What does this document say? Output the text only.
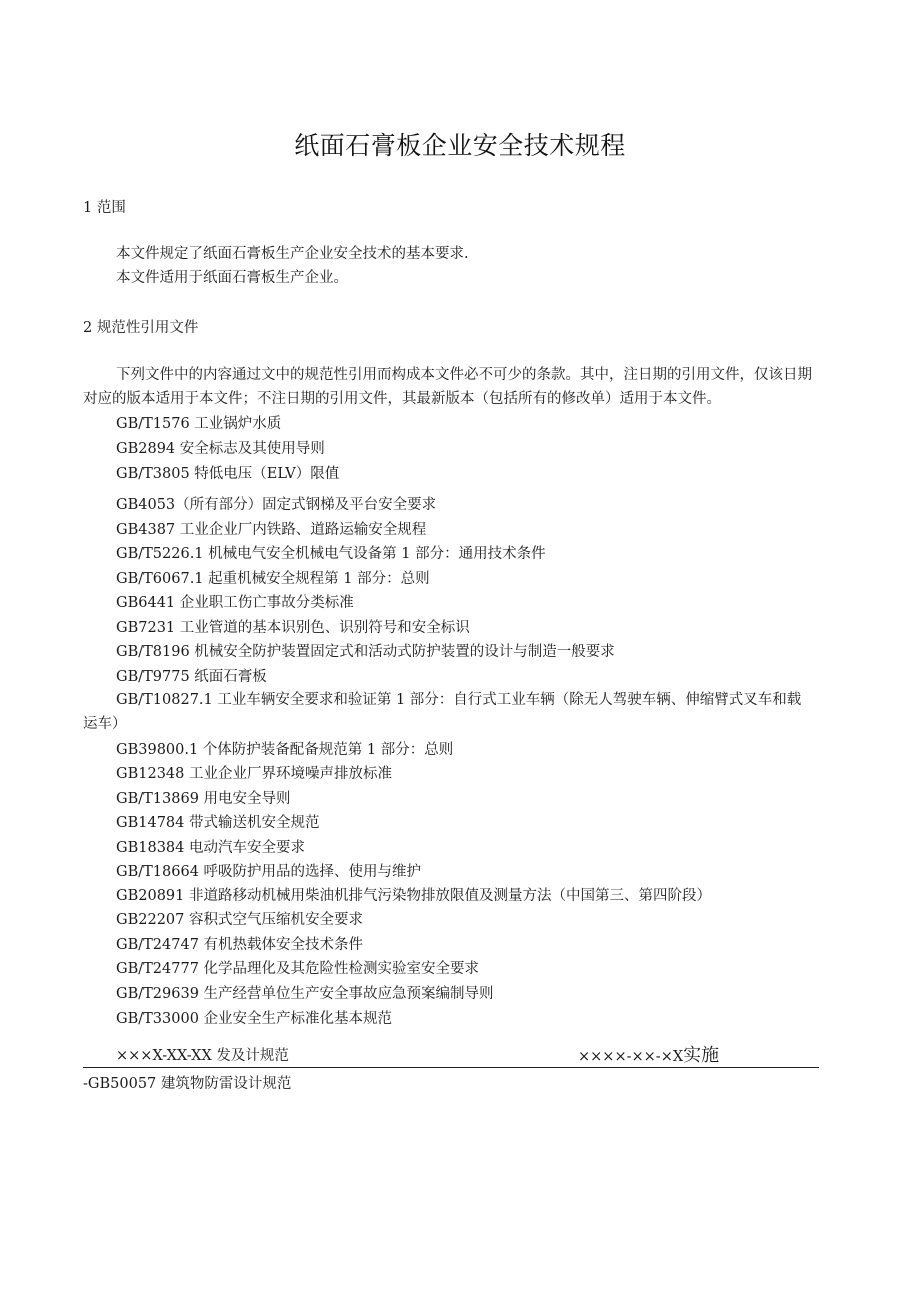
纸面石膏板企业安全技术规程
1 范围
本文件规定了纸面石膏板生产企业安全技术的基本要求.
本文件适用于纸面石膏板生产企业。
2 规范性引用文件

下列文件中的内容通过文中的规范性引用而构成本文件必不可少的条款。其中，注日期的引用文件，仅该日期对应的版本适用于本文件；不注日期的引用文件，其最新版本（包括所有的修改单）适用于本文件。

GB/T1576 工业锅炉水质
GB2894 安全标志及其使用导则
GB/T3805 特低电压（ELV）限值
GB4053（所有部分）固定式钢梯及平台安全要求
GB4387 工业企业厂内铁路、道路运输安全规程
GB/T5226.1 机械电气安全机械电气设备第 1 部分：通用技术条件
GB/T6067.1 起重机械安全规程第 1 部分：总则
GB6441 企业职工伤亡事故分类标准
GB7231 工业管道的基本识别色、识别符号和安全标识
GB/T8196 机械安全防护装置固定式和活动式防护装置的设计与制造一般要求
GB/T9775 纸面石膏板

GB/T10827.1 工业车辆安全要求和验证第 1 部分：自行式工业车辆（除无人驾驶车辆、伸缩臂式叉车和载运车）

GB39800.1 个体防护装备配备规范第 1 部分：总则
GB12348 工业企业厂界环境噪声排放标准
GB/T13869 用电安全导则
GB14784 带式输送机安全规范
GB18384 电动汽车安全要求
GB/T18664 呼吸防护用品的选择、使用与维护
GB20891 非道路移动机械用柴油机排气污染物排放限值及测量方法（中国第三、第四阶段）
GB22207 容积式空气压缩机安全要求
GB/T24747 有机热载体安全技术条件
GB/T24777 化学品理化及其危险性检测实验室安全要求
GB/T29639 生产经营单位生产安全事故应急预案编制导则
GB/T33000 企业安全生产标准化基本规范
×××X-XX-XX 发及计规范	××××-××-×X实施
-GB50057 建筑物防雷设计规范
